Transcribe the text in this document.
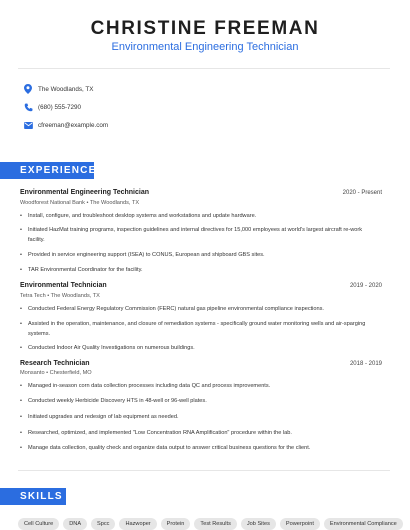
CHRISTINE FREEMAN
Environmental Engineering Technician
The Woodlands, TX
(680) 555-7290
cfreeman@example.com
EXPERIENCE
Environmental Engineering Technician	2020 - Present
Woodforest National Bank • The Woodlands, TX
• Install, configure, and troubleshoot desktop systems and workstations and update hardware.
• Initiated HazMat training programs, inspection guidelines and internal directives for 15,000 employees at world's largest aircraft re-work facility.
• Provided in service engineering support (ISEA) to CONUS, European and shipboard GBS sites.
• TAR Environmental Coordinator for the facility.
Environmental Technician	2019 - 2020
Tetra Tech • The Woodlands, TX
• Conducted Federal Energy Regulatory Commission (FERC) natural gas pipeline environmental compliance inspections.
• Assisted in the operation, maintenance, and closure of remediation systems - specifically ground water monitoring wells and air-sparging systems.
• Conducted Indoor Air Quality Investigations on numerous buildings.
Research Technician	2018 - 2019
Monsanto • Chesterfield, MO
• Managed in-season corn data collection processes including data QC and process improvements.
• Conducted weekly Herbicide Discovery HTS in 48-well or 96-well plates.
• Initiated upgrades and redesign of lab equipment as needed.
• Researched, optimized, and implemented "Low Concentration RNA Amplification" procedure within the lab.
• Manage data collection, quality check and organize data output to answer critical business questions for the client.
SKILLS
Cell Culture	DNA	Spcc	Hazwoper	Protein	Test Results	Job Sites	Powerpoint	Environmental Compliance
